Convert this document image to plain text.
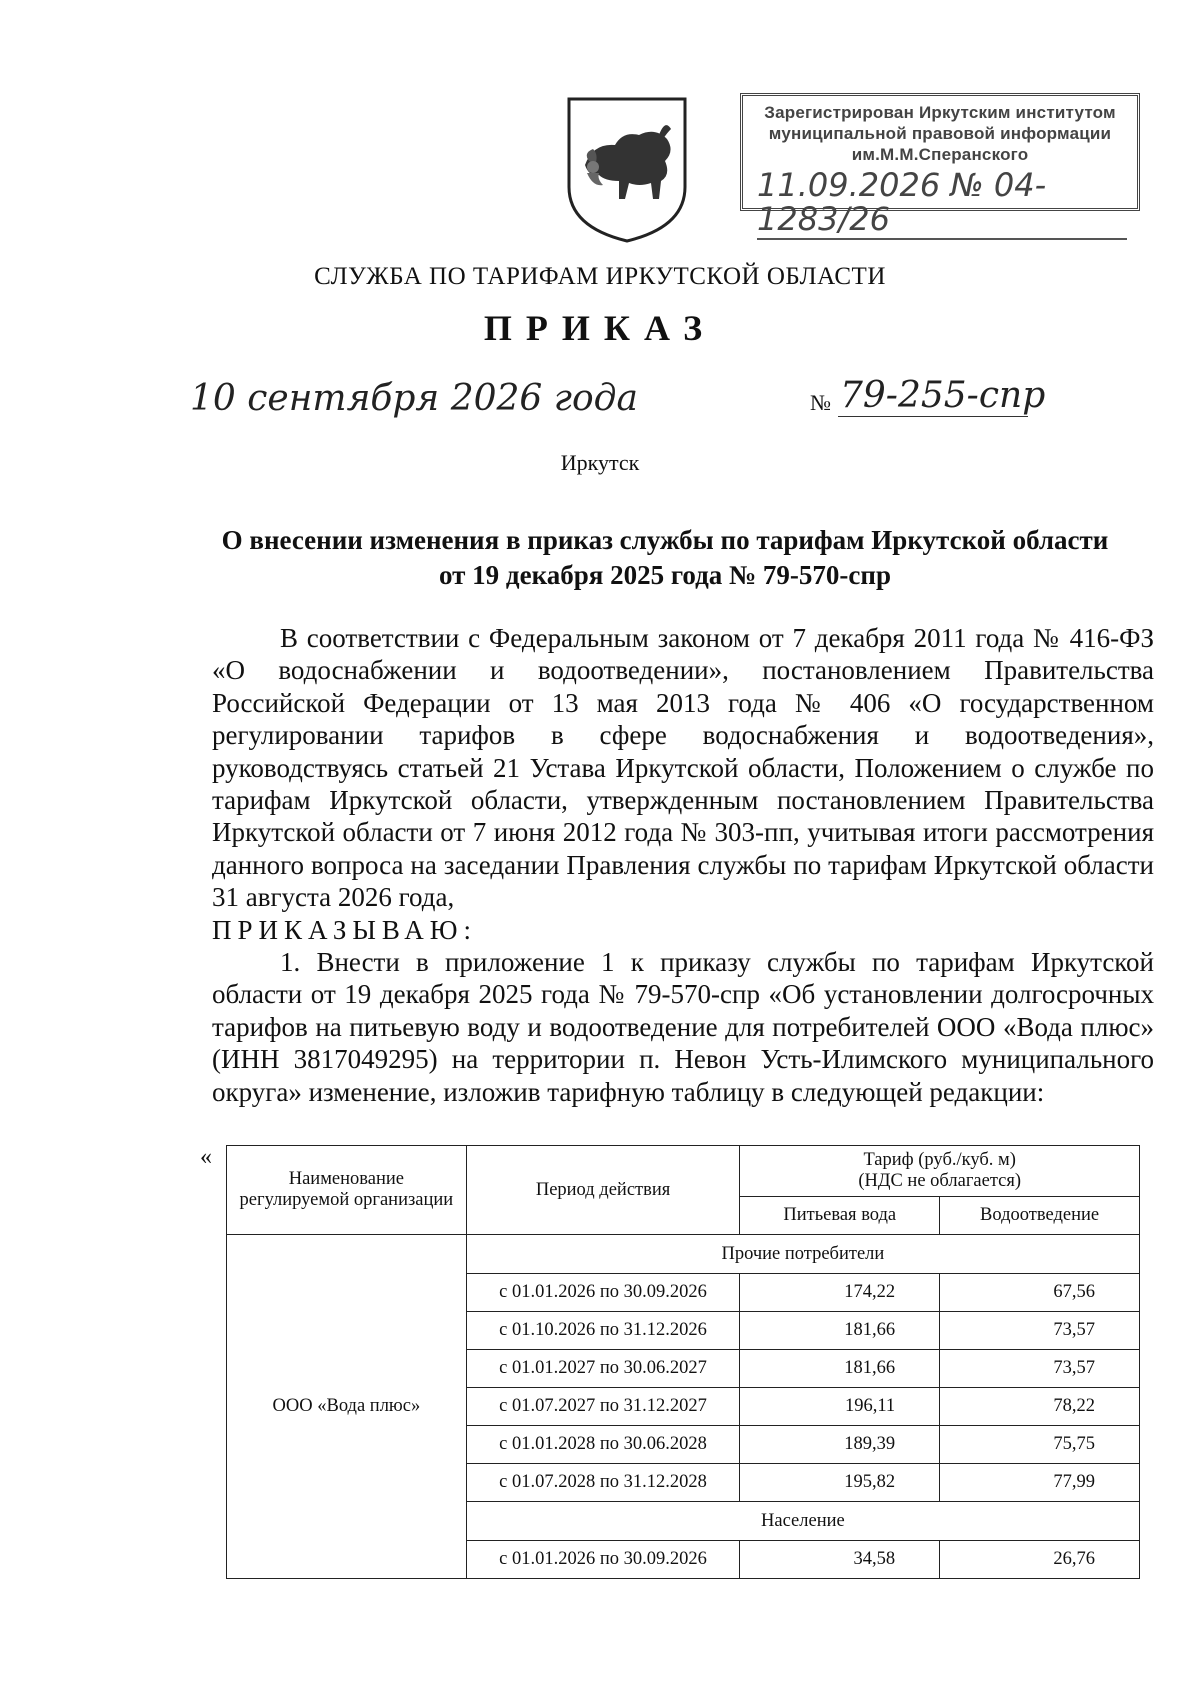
Зарегистрирован Иркутским институтом
муниципальной правовой информации
им.М.М.Сперанского
11.09.2026 № 04-1283/26
СЛУЖБА ПО ТАРИФАМ ИРКУТСКОЙ ОБЛАСТИ
ПРИКАЗ
10 сентября 2026 года	№ 79-255-спр
Иркутск
О внесении изменения в приказ службы по тарифам Иркутской области
от 19 декабря 2025 года № 79-570-спр

В соответствии с Федеральным законом от 7 декабря 2011 года № 416-ФЗ «О водоснабжении и водоотведении», постановлением Правительства Российской Федерации от 13 мая 2013 года № 406 «О государственном регулировании тарифов в сфере водоснабжения и водоотведения», руководствуясь статьей 21 Устава Иркутской области, Положением о службе по тарифам Иркутской области, утвержденным постановлением Правительства Иркутской области от 7 июня 2012 года № 303-пп, учитывая итоги рассмотрения данного вопроса на заседании Правления службы по тарифам Иркутской области 31 августа 2026 года,

ПРИКАЗЫВАЮ:

1. Внести в приложение 1 к приказу службы по тарифам Иркутской области от 19 декабря 2025 года № 79-570-спр «Об установлении долгосрочных тарифов на питьевую воду и водоотведение для потребителей ООО «Вода плюс» (ИНН 3817049295) на территории п. Невон Усть-Илимского муниципального округа» изменение, изложив тарифную таблицу в следующей редакции:

«
Наименование регулируемой организации	Период действия	Тариф (руб./куб. м)
(НДС не облагается)	

		Питьевая вода	Водоотведение
ООО «Вода плюс»	Прочие потребители		
	с 01.01.2026 по 30.09.2026	174,22	67,56
	с 01.10.2026 по 31.12.2026	181,66	73,57
	с 01.01.2027 по 30.06.2027	181,66	73,57
	с 01.07.2027 по 31.12.2027	196,11	78,22
	с 01.01.2028 по 30.06.2028	189,39	75,75
	с 01.07.2028 по 31.12.2028	195,82	77,99
	Население		
	с 01.01.2026 по 30.09.2026	34,58	26,76
